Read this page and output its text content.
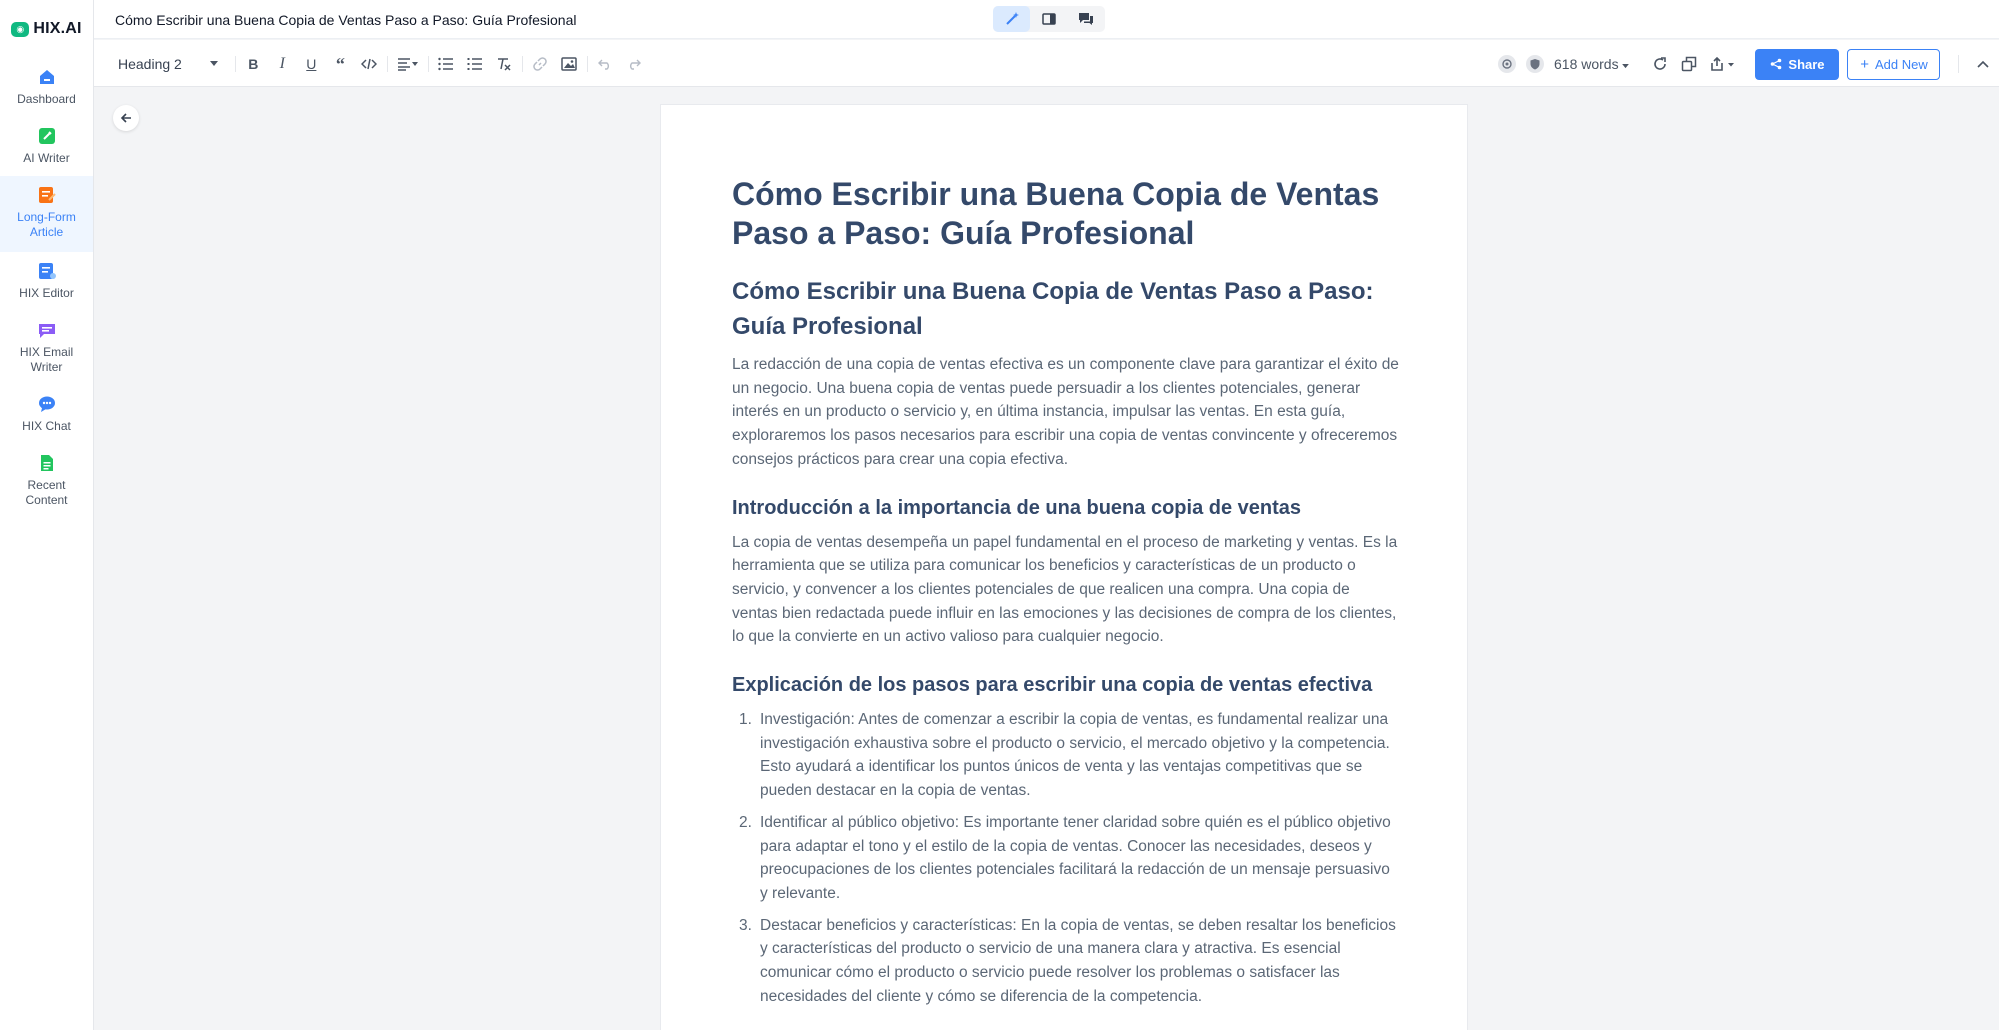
◉ HIX.AI
Dashboard
AI Writer
Long-Form
Article
HIX Editor
HIX Email
Writer
HIX Chat
Recent
Content
Cómo Escribir una Buena Copia de Ventas Paso a Paso: Guía Profesional
Heading 2	B I U “	618 words	Share + Add New
Cómo Escribir una Buena Copia de Ventas Paso a Paso: Guía Profesional
Cómo Escribir una Buena Copia de Ventas Paso a Paso: Guía Profesional

La redacción de una copia de ventas efectiva es un componente clave para garantizar el éxito de un negocio. Una buena copia de ventas puede persuadir a los clientes potenciales, generar interés en un producto o servicio y, en última instancia, impulsar las ventas. En esta guía, exploraremos los pasos necesarios para escribir una copia de ventas convincente y ofreceremos consejos prácticos para crear una copia efectiva.

Introducción a la importancia de una buena copia de ventas

La copia de ventas desempeña un papel fundamental en el proceso de marketing y ventas. Es la herramienta que se utiliza para comunicar los beneficios y características de un producto o servicio, y convencer a los clientes potenciales de que realicen una compra. Una copia de ventas bien redactada puede influir en las emociones y las decisiones de compra de los clientes, lo que la convierte en un activo valioso para cualquier negocio.

Explicación de los pasos para escribir una copia de ventas efectiva
1. Investigación: Antes de comenzar a escribir la copia de ventas, es fundamental realizar una investigación exhaustiva sobre el producto o servicio, el mercado objetivo y la competencia. Esto ayudará a identificar los puntos únicos de venta y las ventajas competitivas que se pueden destacar en la copia de ventas.
2. Identificar al público objetivo: Es importante tener claridad sobre quién es el público objetivo para adaptar el tono y el estilo de la copia de ventas. Conocer las necesidades, deseos y preocupaciones de los clientes potenciales facilitará la redacción de un mensaje persuasivo y relevante.
3. Destacar beneficios y características: En la copia de ventas, se deben resaltar los beneficios y características del producto o servicio de una manera clara y atractiva. Es esencial comunicar cómo el producto o servicio puede resolver los problemas o satisfacer las necesidades del cliente y cómo se diferencia de la competencia.
